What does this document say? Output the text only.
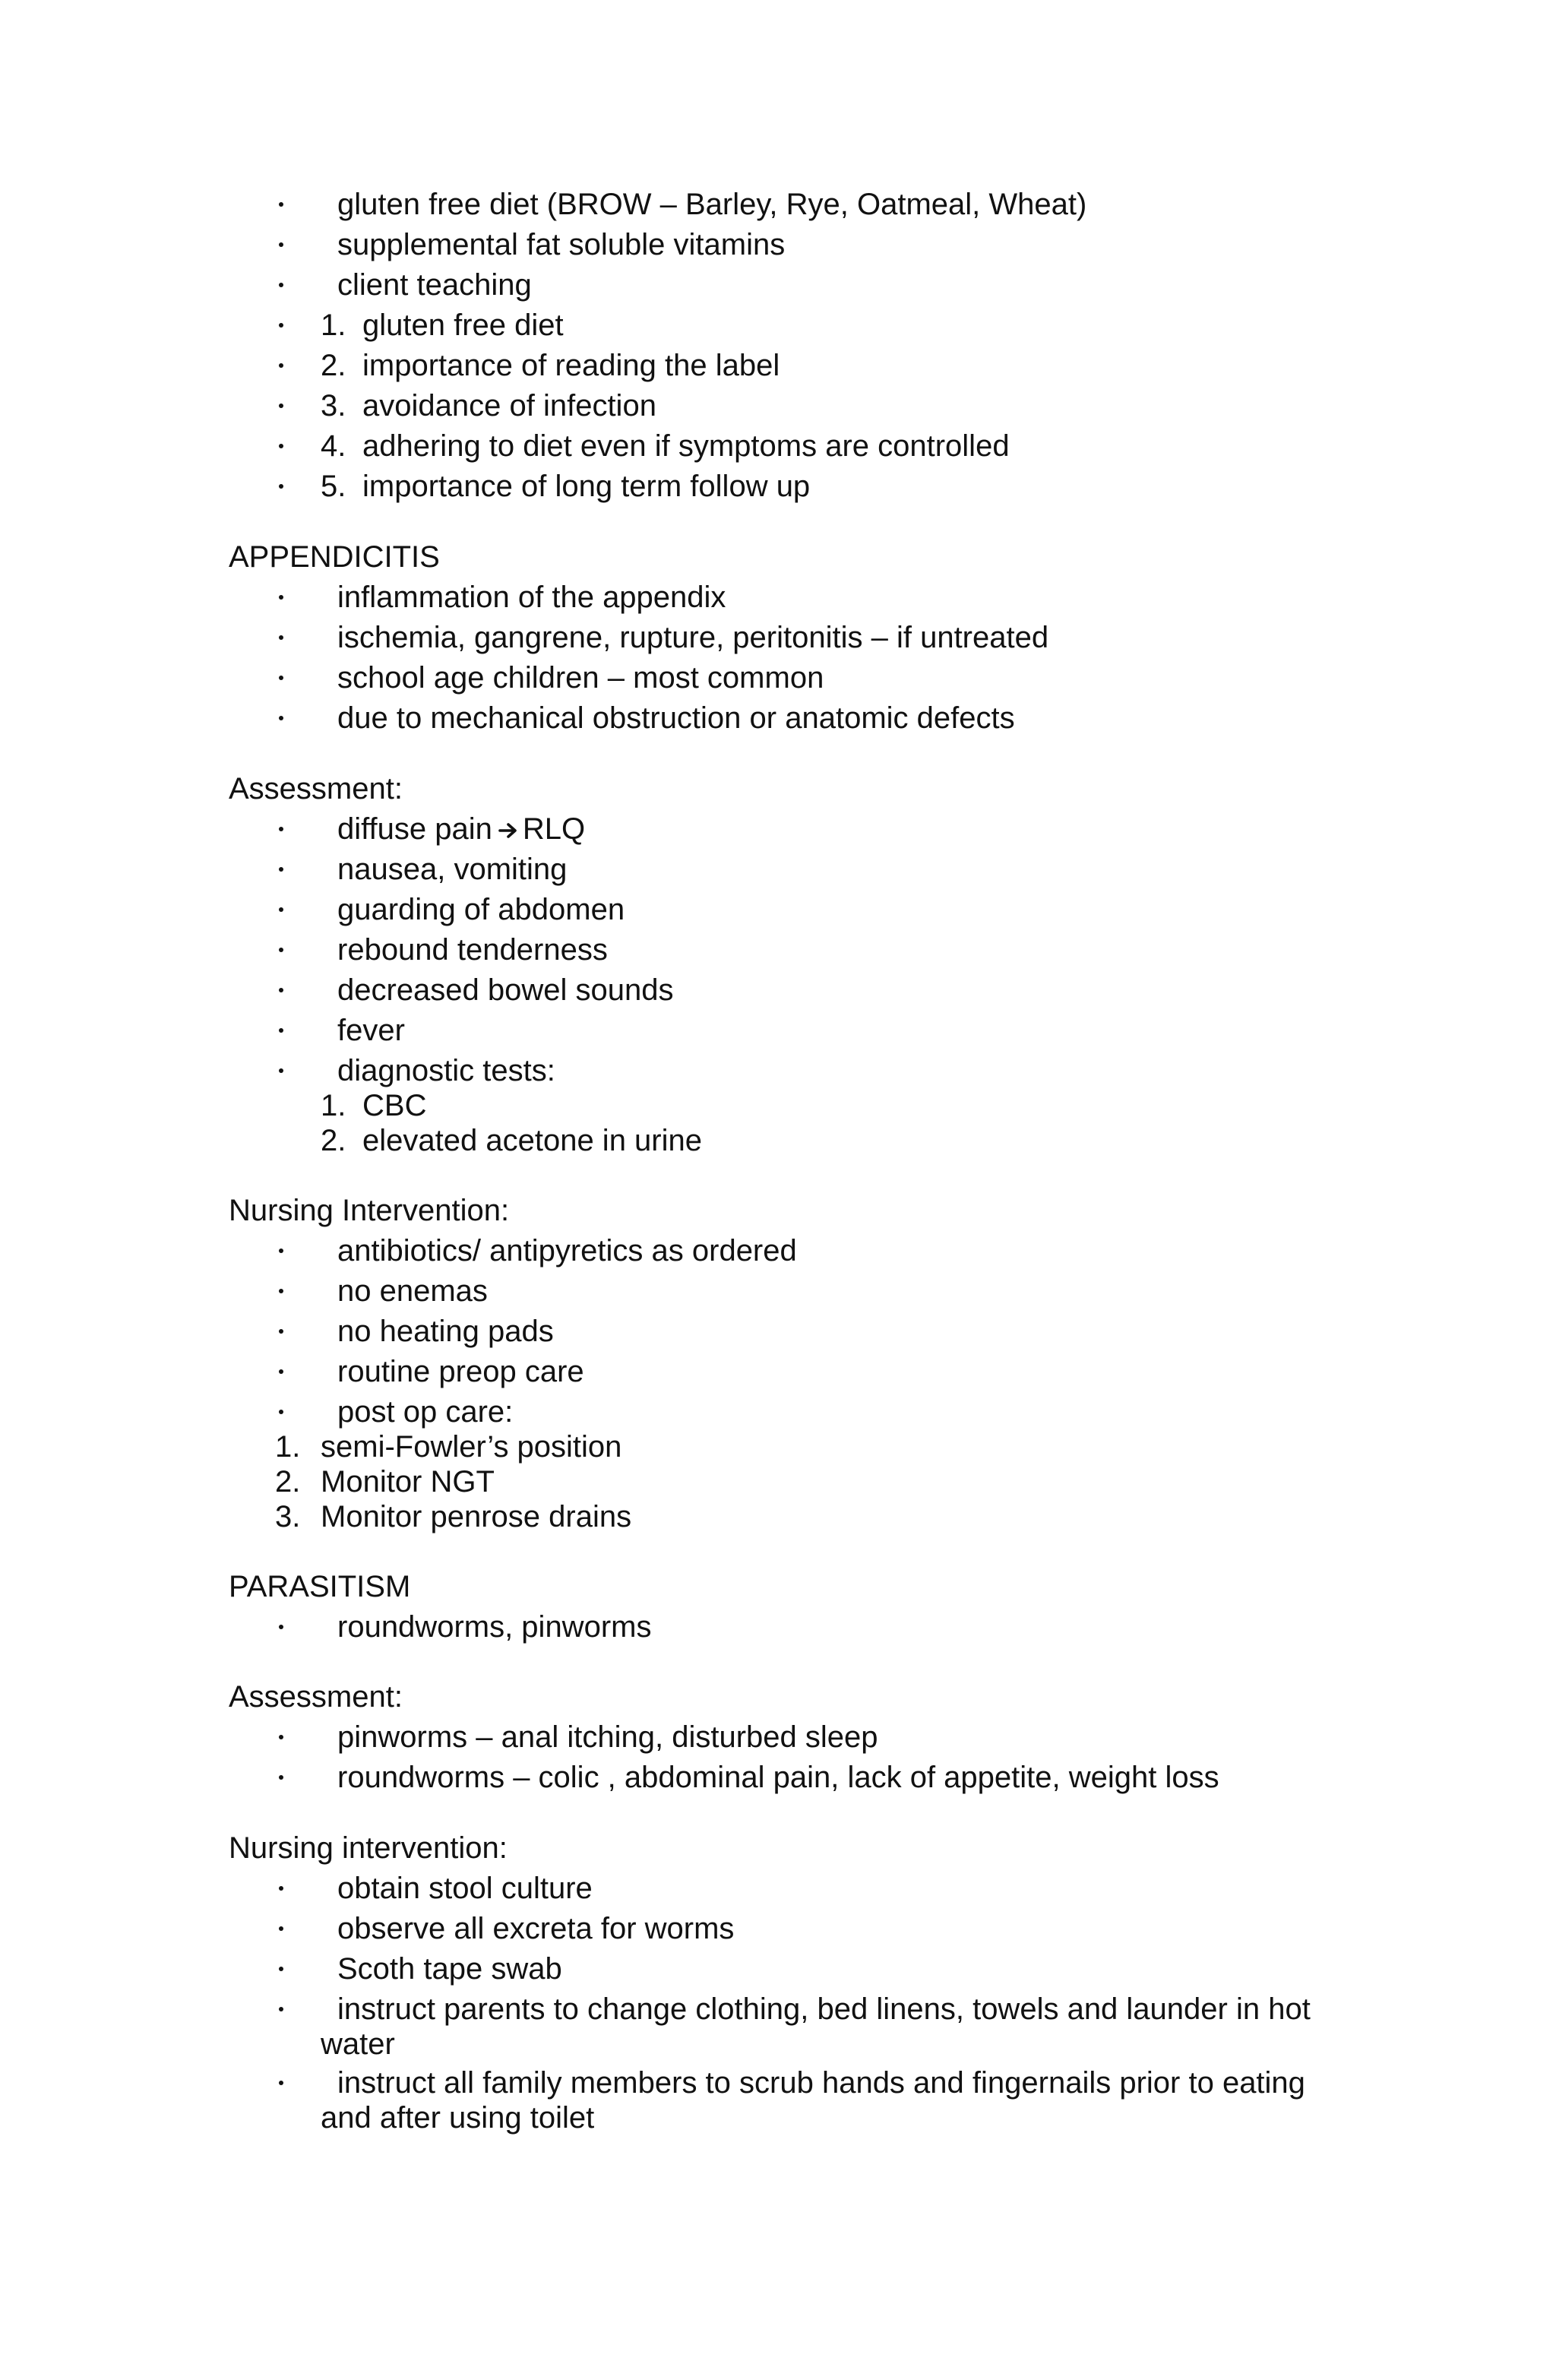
gluten free diet (BROW – Barley, Rye, Oatmeal, Wheat)
supplemental fat soluble vitamins
client teaching
1. gluten free diet
2. importance of reading the label
3. avoidance of infection
4. adhering to diet even if symptoms are controlled
5. importance of long term follow up
APPENDICITIS
inflammation of the appendix
ischemia, gangrene, rupture, peritonitis – if untreated
school age children – most common
due to mechanical obstruction or anatomic defects
Assessment:
diffuse pain RLQ
nausea, vomiting
guarding of abdomen
rebound tenderness
decreased bowel sounds
fever
diagnostic tests:
1. CBC
2. elevated acetone in urine
Nursing Intervention:
antibiotics/ antipyretics as ordered
no enemas
no heating pads
routine preop care
post op care:
1. semi-Fowler’s position
2. Monitor NGT
3. Monitor penrose drains
PARASITISM
roundworms, pinworms
Assessment:
pinworms – anal itching, disturbed sleep
roundworms – colic , abdominal pain, lack of appetite, weight loss
Nursing intervention:
obtain stool culture
observe all excreta for worms
Scoth tape swab
instruct parents to change clothing, bed linens, towels and launder in hot
water
instruct all family members to scrub hands and fingernails prior to eating
and after using toilet
